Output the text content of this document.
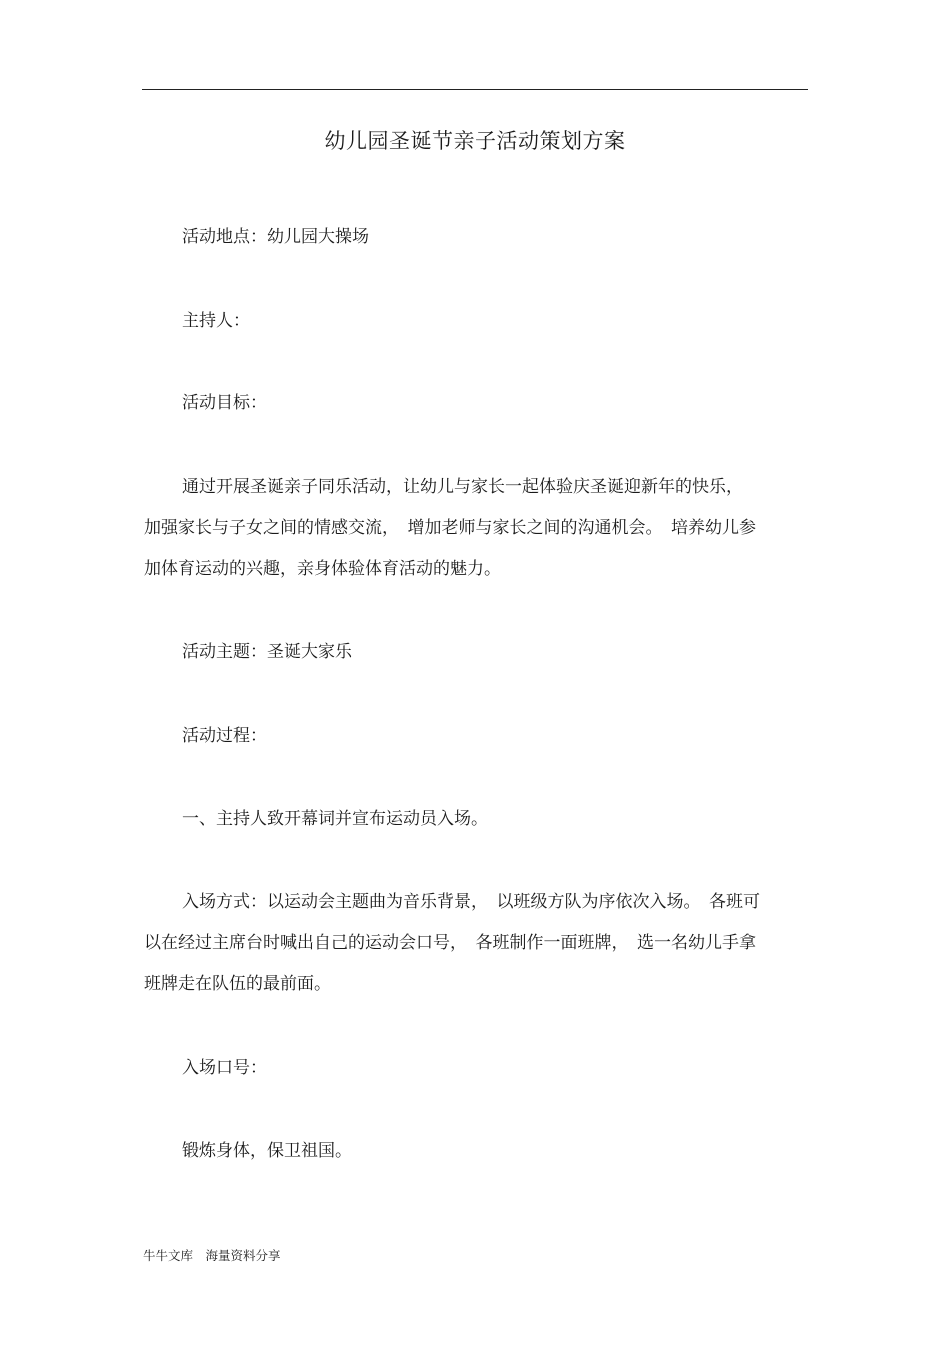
幼儿园圣诞节亲子活动策划方案
活动地点：幼儿园大操场
主持人：
活动目标：
通过开展圣诞亲子同乐活动，让幼儿与家长一起体验庆圣诞迎新年的快乐，
加强家长与子女之间的情感交流，　增加老师与家长之间的沟通机会。　培养幼儿参
加体育运动的兴趣，亲身体验体育活动的魅力。
活动主题：圣诞大家乐
活动过程：
一、主持人致开幕词并宣布运动员入场。
入场方式：以运动会主题曲为音乐背景，　以班级方队为序依次入场。　各班可
以在经过主席台时喊出自己的运动会口号，　各班制作一面班牌，　选一名幼儿手拿
班牌走在队伍的最前面。
入场口号：
锻炼身体，保卫祖国。
牛牛文库　海量资料分享
